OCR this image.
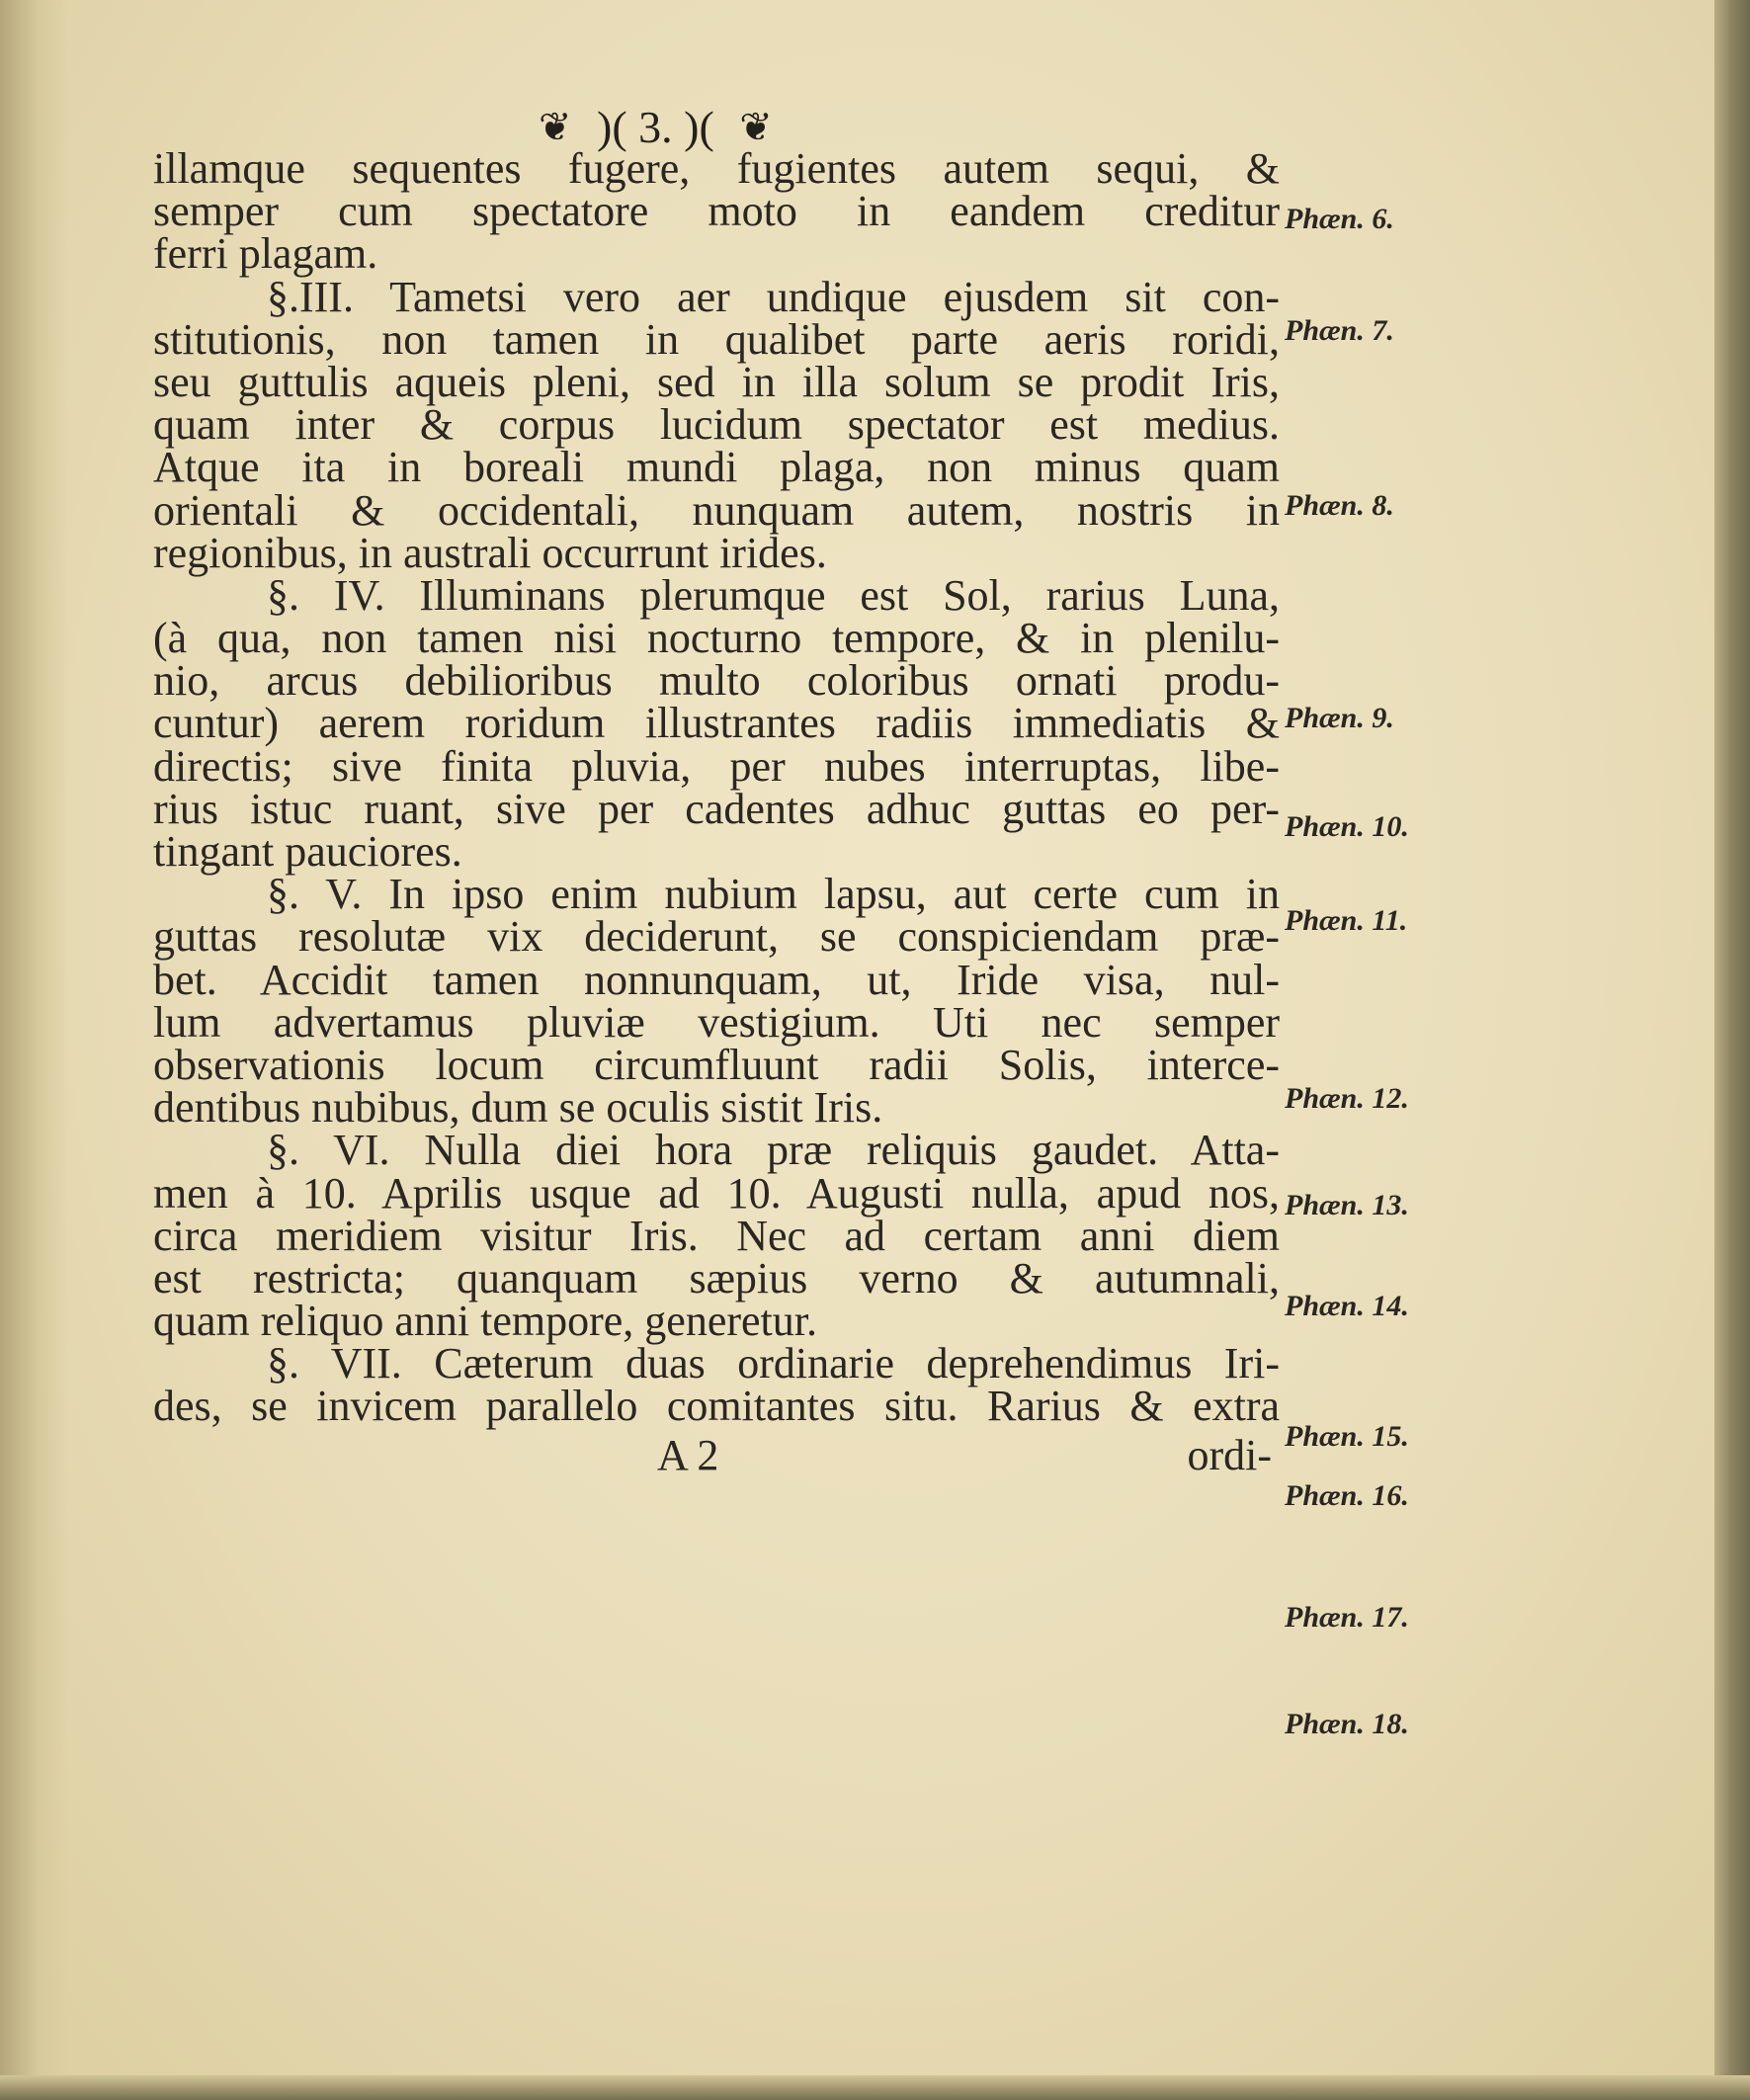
❦ )( 3. )( ❦
illamque sequentes fugere, fugientes autem sequi, &
semper cum spectatore moto in eandem creditur
ferri plagam.
§.III. Tametsi vero aer undique ejusdem sit con-
stitutionis, non tamen in qualibet parte aeris roridi,
seu guttulis aqueis pleni, sed in illa solum se prodit Iris,
quam inter & corpus lucidum spectator est medius.
Atque ita in boreali mundi plaga, non minus quam
orientali & occidentali, nunquam autem, nostris in
regionibus, in australi occurrunt irides.
§. IV. Illuminans plerumque est Sol, rarius Luna,
(à qua, non tamen nisi nocturno tempore, & in plenilu-
nio, arcus debilioribus multo coloribus ornati produ-
cuntur) aerem roridum illustrantes radiis immediatis &
directis; sive finita pluvia, per nubes interruptas, libe-
rius istuc ruant, sive per cadentes adhuc guttas eo per-
tingant pauciores.
§. V. In ipso enim nubium lapsu, aut certe cum in
guttas resolutæ vix deciderunt, se conspiciendam præ-
bet. Accidit tamen nonnunquam, ut, Iride visa, nul-
lum advertamus pluviæ vestigium. Uti nec semper
observationis locum circumfluunt radii Solis, interce-
dentibus nubibus, dum se oculis sistit Iris.
§. VI. Nulla diei hora præ reliquis gaudet. Atta-
men à 10. Aprilis usque ad 10. Augusti nulla, apud nos,
circa meridiem visitur Iris. Nec ad certam anni diem
est restricta; quanquam sæpius verno & autumnali,
quam reliquo anni tempore, generetur.
§. VII. Cæterum duas ordinarie deprehendimus Iri-
des, se invicem parallelo comitantes situ. Rarius & extra
A 2	ordi-
Phæn. 6.
Phæn. 7.
Phæn. 8.
Phæn. 9.
Phæn. 10.
Phæn. 11.
Phæn. 12.
Phæn. 13.
Phæn. 14.
Phæn. 15.
Phæn. 16.
Phæn. 17.
Phæn. 18.
